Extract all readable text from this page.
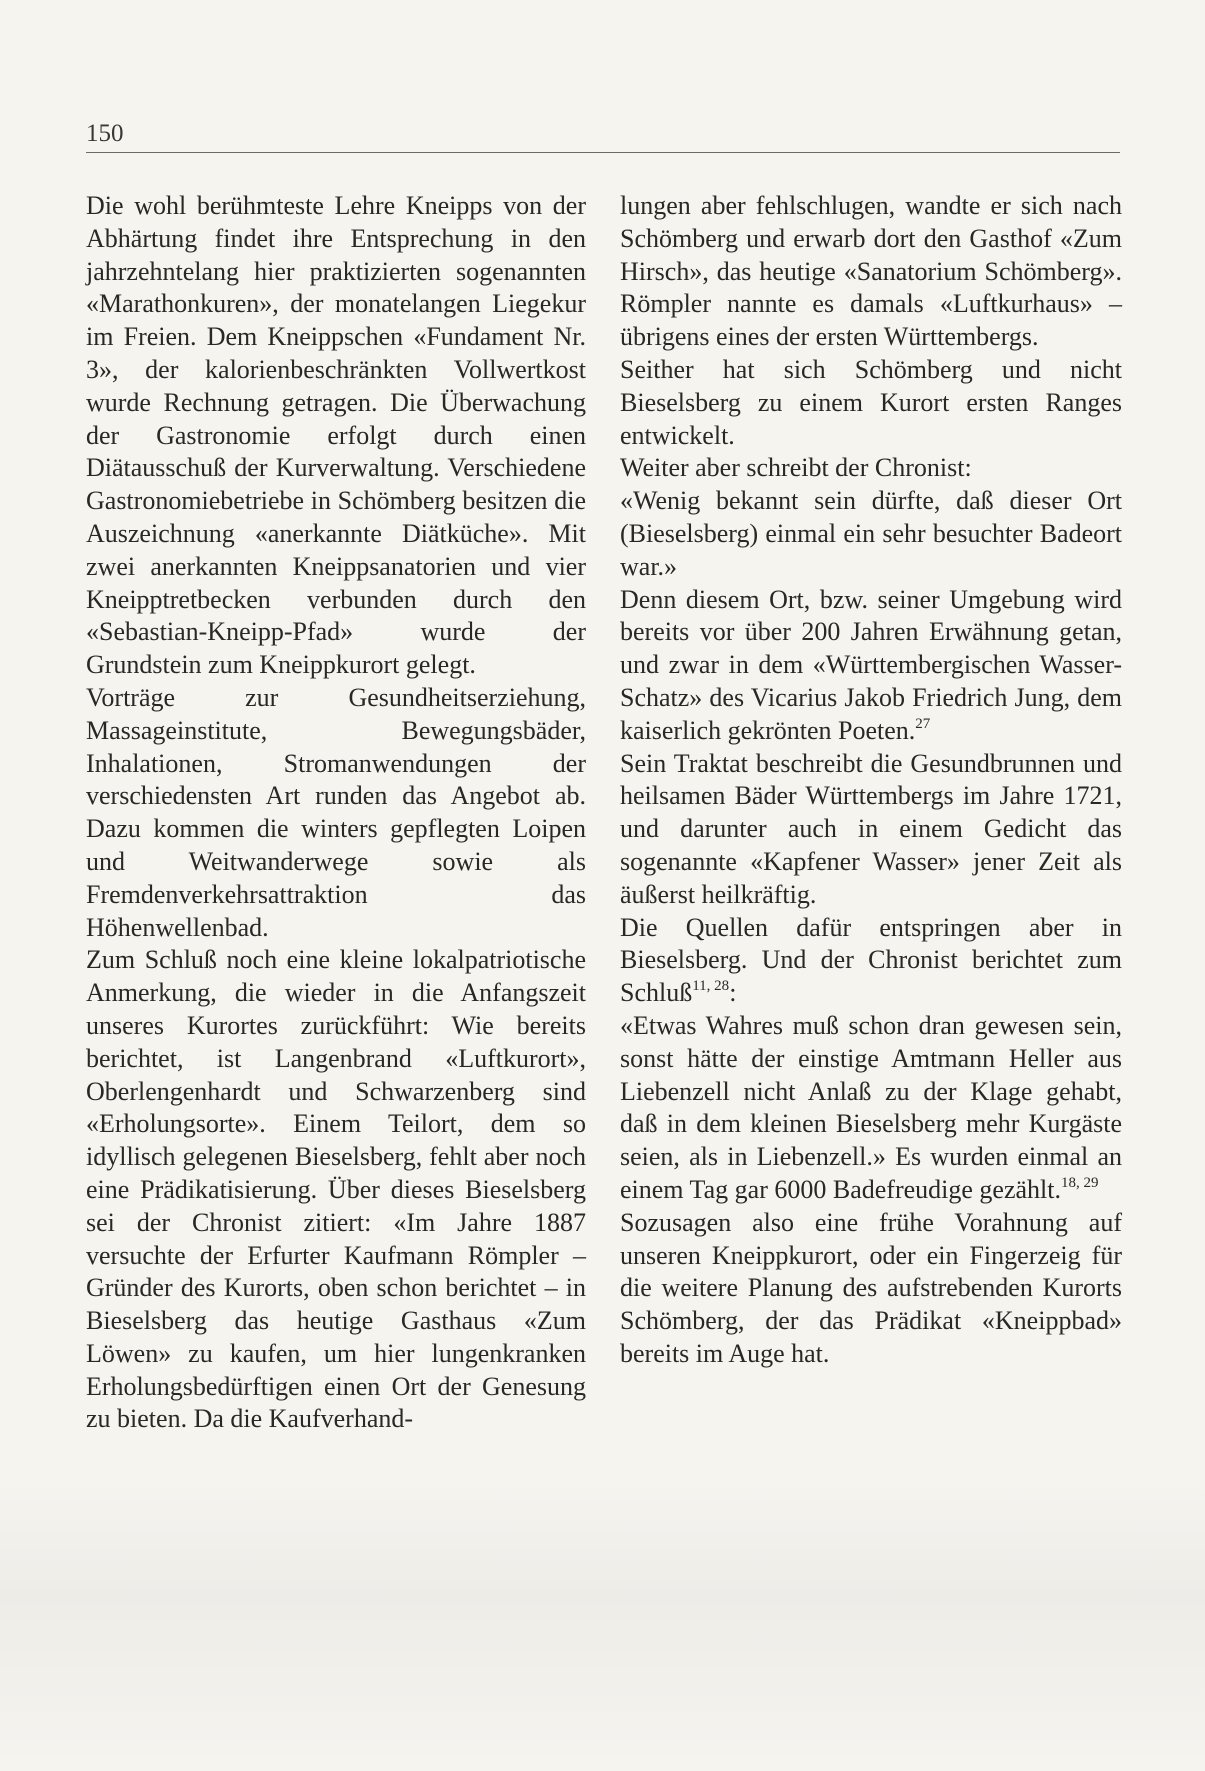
150

Die wohl berühmteste Lehre Kneipps von der Abhärtung findet ihre Entsprechung in den jahrzehntelang hier praktizierten sogenannten «Marathonkuren», der monatelangen Liegekur im Freien. Dem Kneippschen «Fundament Nr. 3», der kalorienbeschränkten Vollwertkost wurde Rechnung getragen. Die Überwachung der Gastronomie erfolgt durch einen Diätausschuß der Kurverwaltung. Verschiedene Gastronomiebetriebe in Schömberg besitzen die Auszeichnung «anerkannte Diätküche». Mit zwei anerkannten Kneippsanatorien und vier Kneipptretbecken verbunden durch den «Sebastian-Kneipp-Pfad» wurde der Grundstein zum Kneippkurort gelegt.

Vorträge zur Gesundheitserziehung, Massageinstitute, Bewegungsbäder, Inhalationen, Stromanwendungen der verschiedensten Art runden das Angebot ab. Dazu kommen die winters gepflegten Loipen und Weitwanderwege sowie als Fremdenverkehrsattraktion das Höhenwellenbad.

Zum Schluß noch eine kleine lokalpatriotische Anmerkung, die wieder in die Anfangszeit unseres Kurortes zurückführt: Wie bereits berichtet, ist Langenbrand «Luftkurort», Oberlengenhardt und Schwarzenberg sind «Erholungsorte». Einem Teilort, dem so idyllisch gelegenen Bieselsberg, fehlt aber noch eine Prädikatisierung. Über dieses Bieselsberg sei der Chronist zitiert: «Im Jahre 1887 versuchte der Erfurter Kaufmann Römpler – Gründer des Kurorts, oben schon berichtet – in Bieselsberg das heutige Gasthaus «Zum Löwen» zu kaufen, um hier lungenkranken Erholungsbedürftigen einen Ort der Genesung zu bieten. Da die Kaufverhand-

lungen aber fehlschlugen, wandte er sich nach Schömberg und erwarb dort den Gasthof «Zum Hirsch», das heutige «Sanatorium Schömberg». Römpler nannte es damals «Luftkurhaus» – übrigens eines der ersten Württembergs.

Seither hat sich Schömberg und nicht Bieselsberg zu einem Kurort ersten Ranges entwickelt.

Weiter aber schreibt der Chronist:

«Wenig bekannt sein dürfte, daß dieser Ort (Bieselsberg) einmal ein sehr besuchter Badeort war.»

Denn diesem Ort, bzw. seiner Umgebung wird bereits vor über 200 Jahren Erwähnung getan, und zwar in dem «Württembergischen Wasser-Schatz» des Vicarius Jakob Friedrich Jung, dem kaiserlich gekrönten Poeten.$^{27}$

Sein Traktat beschreibt die Gesundbrunnen und heilsamen Bäder Württembergs im Jahre 1721, und darunter auch in einem Gedicht das sogenannte «Kapfener Wasser» jener Zeit als äußerst heilkräftig.

Die Quellen dafür entspringen aber in Bieselsberg. Und der Chronist berichtet zum Schluß$^{11, 28}$:

«Etwas Wahres muß schon dran gewesen sein, sonst hätte der einstige Amtmann Heller aus Liebenzell nicht Anlaß zu der Klage gehabt, daß in dem kleinen Bieselsberg mehr Kurgäste seien, als in Liebenzell.» Es wurden einmal an einem Tag gar 6000 Badefreudige gezählt.$^{18, 29}$

Sozusagen also eine frühe Vorahnung auf unseren Kneippkurort, oder ein Fingerzeig für die weitere Planung des aufstrebenden Kurorts Schömberg, der das Prädikat «Kneippbad» bereits im Auge hat.
